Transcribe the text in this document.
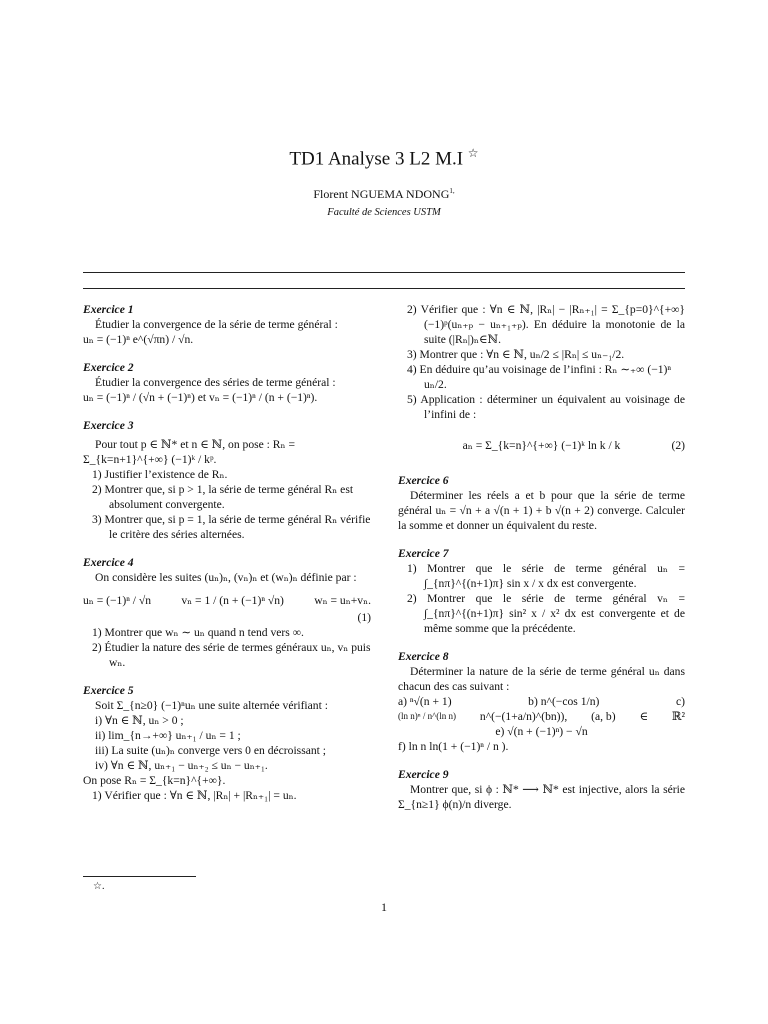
TD1 Analyse 3 L2 M.I ☆
Florent NGUEMA $NDONG^{1,}$
Faculté de Sciences USTM

Exercice 1

Étudier la convergence de la série de terme général :

uₙ = (−1)ⁿ e^(√πn) / √n.

Exercice 2

Étudier la convergence des séries de terme général :

uₙ = (−1)ⁿ / (√n + (−1)ⁿ) et vₙ = (−1)ⁿ / (n + (−1)ⁿ).

Exercice 3

Pour tout p ∈ ℕ* et n ∈ ℕ, on pose : Rₙ = Σ_{k=n+1}^{+∞} (−1)ᵏ / kᵖ.

1) Justifier l’existence de Rₙ.

2) Montrer que, si p > 1, la série de terme général Rₙ est absolument convergente.

3) Montrer que, si p = 1, la série de terme général Rₙ vérifie le critère des séries alternées.

Exercice 4

On considère les suites (uₙ)ₙ, (vₙ)ₙ et (wₙ)ₙ définie par :

uₙ = (−1)ⁿ / √n	vₙ = 1 / (n + (−1)ⁿ √n)	wₙ = uₙ+vₙ.

(1)

1) Montrer que wₙ ∼ uₙ quand n tend vers ∞.

2) Étudier la nature des série de termes généraux uₙ, vₙ puis wₙ.

Exercice 5

Soit Σ_{n≥0} (−1)ⁿuₙ une suite alternée vérifiant :

i) ∀n ∈ ℕ, uₙ > 0 ;

ii) lim_{n→+∞} uₙ₊₁ / uₙ = 1 ;

iii) La suite (uₙ)ₙ converge vers 0 en décroissant ;

iv) ∀n ∈ ℕ, uₙ₊₁ − uₙ₊₂ ≤ uₙ − uₙ₊₁.

On pose Rₙ = Σ_{k=n}^{+∞}.

1) Vérifier que : ∀n ∈ ℕ, |Rₙ| + |Rₙ₊₁| = uₙ.

2) Vérifier que : ∀n ∈ ℕ, |Rₙ| − |Rₙ₊₁| = Σ_{p=0}^{+∞} (−1)ᵖ(uₙ₊ₚ − uₙ₊₁₊ₚ). En déduire la monotonie de la suite (|Rₙ|)ₙ∈ℕ.

3) Montrer que : ∀n ∈ ℕ, uₙ/2 ≤ |Rₙ| ≤ uₙ₋₁/2.

4) En déduire qu’au voisinage de l’infini : Rₙ ∼₊∞ (−1)ⁿ uₙ/2.

5) Application : déterminer un équivalent au voisinage de l’infini de :

aₙ = Σ_{k=n}^{+∞} (−1)ᵏ ln k / k	(2)

Exercice 6

Déterminer les réels a et b pour que la série de terme général uₙ = √n + a √(n + 1) + b √(n + 2) converge. Calculer la somme et donner un équivalent du reste.

Exercice 7

1) Montrer que le série de terme général uₙ = ∫_{nπ}^{(n+1)π} sin x / x dx est convergente.

2) Montrer que le série de terme général vₙ = ∫_{nπ}^{(n+1)π} sin² x / x² dx est convergente et de même somme que la précédente.

Exercice 8

Déterminer la nature de la série de terme général uₙ dans chacun des cas suivant :

a) ⁿ√(n + 1)	b) n^(−cos 1/n)	c)
(ln n)ⁿ / n^(ln n) n^(−(1+a/n)^(bn)), (a, b) ∈ ℝ²

e) √(n + (−1)ⁿ) − √n

f) ln n ln(1 + (−1)ⁿ / n ).

Exercice 9

Montrer que, si ϕ : ℕ* ⟶ ℕ* est injective, alors la série Σ_{n≥1} ϕ(n)/n diverge.

☆.
1
